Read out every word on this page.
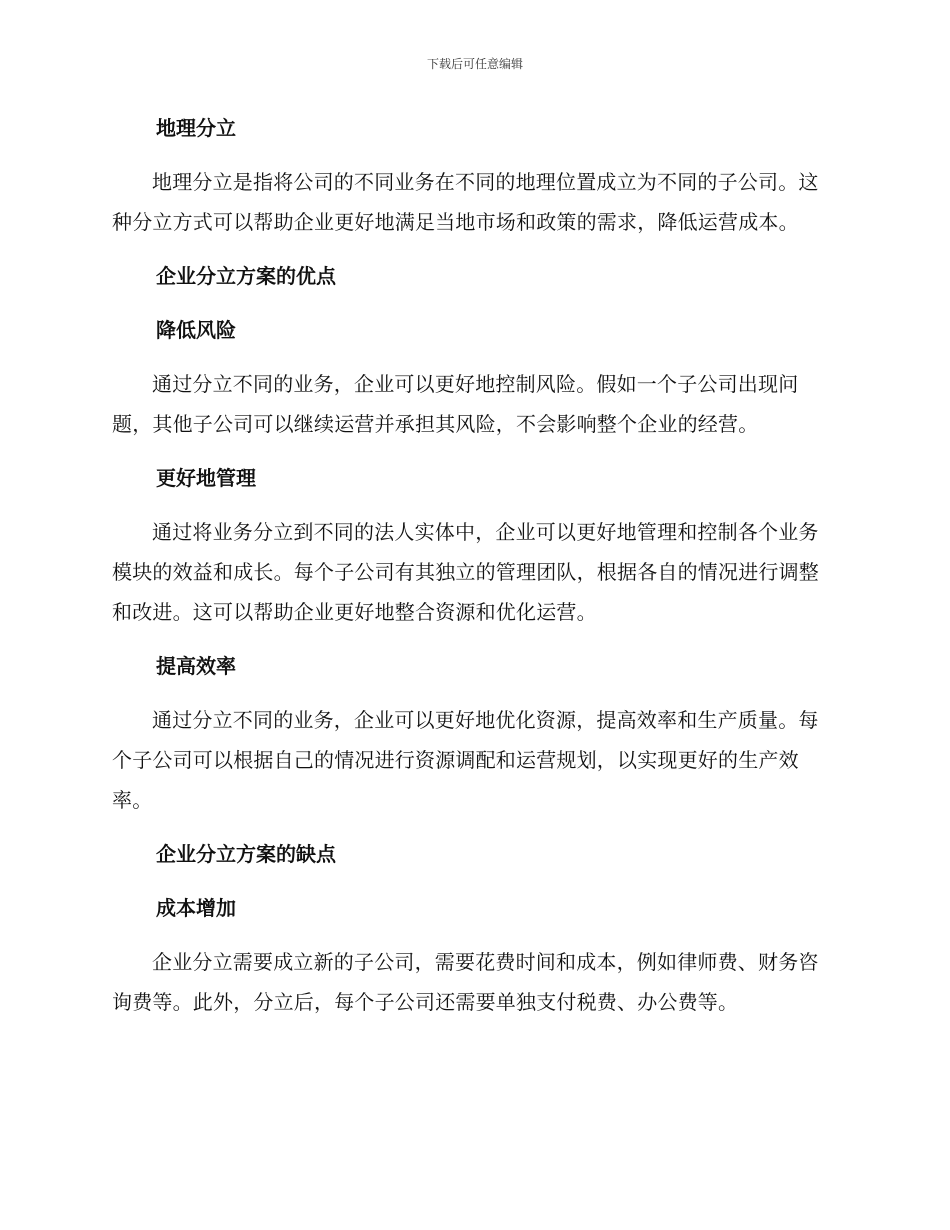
下载后可任意编辑
地理分立
地理分立是指将公司的不同业务在不同的地理位置成立为不同的子公司。这种分立方式可以帮助企业更好地满足当地市场和政策的需求，降低运营成本。
企业分立方案的优点
降低风险
通过分立不同的业务，企业可以更好地控制风险。假如一个子公司出现问题，其他子公司可以继续运营并承担其风险，不会影响整个企业的经营。
更好地管理
通过将业务分立到不同的法人实体中，企业可以更好地管理和控制各个业务模块的效益和成长。每个子公司有其独立的管理团队，根据各自的情况进行调整和改进。这可以帮助企业更好地整合资源和优化运营。
提高效率
通过分立不同的业务，企业可以更好地优化资源，提高效率和生产质量。每个子公司可以根据自己的情况进行资源调配和运营规划，以实现更好的生产效率。
企业分立方案的缺点
成本增加
企业分立需要成立新的子公司，需要花费时间和成本，例如律师费、财务咨询费等。此外，分立后，每个子公司还需要单独支付税费、办公费等。
